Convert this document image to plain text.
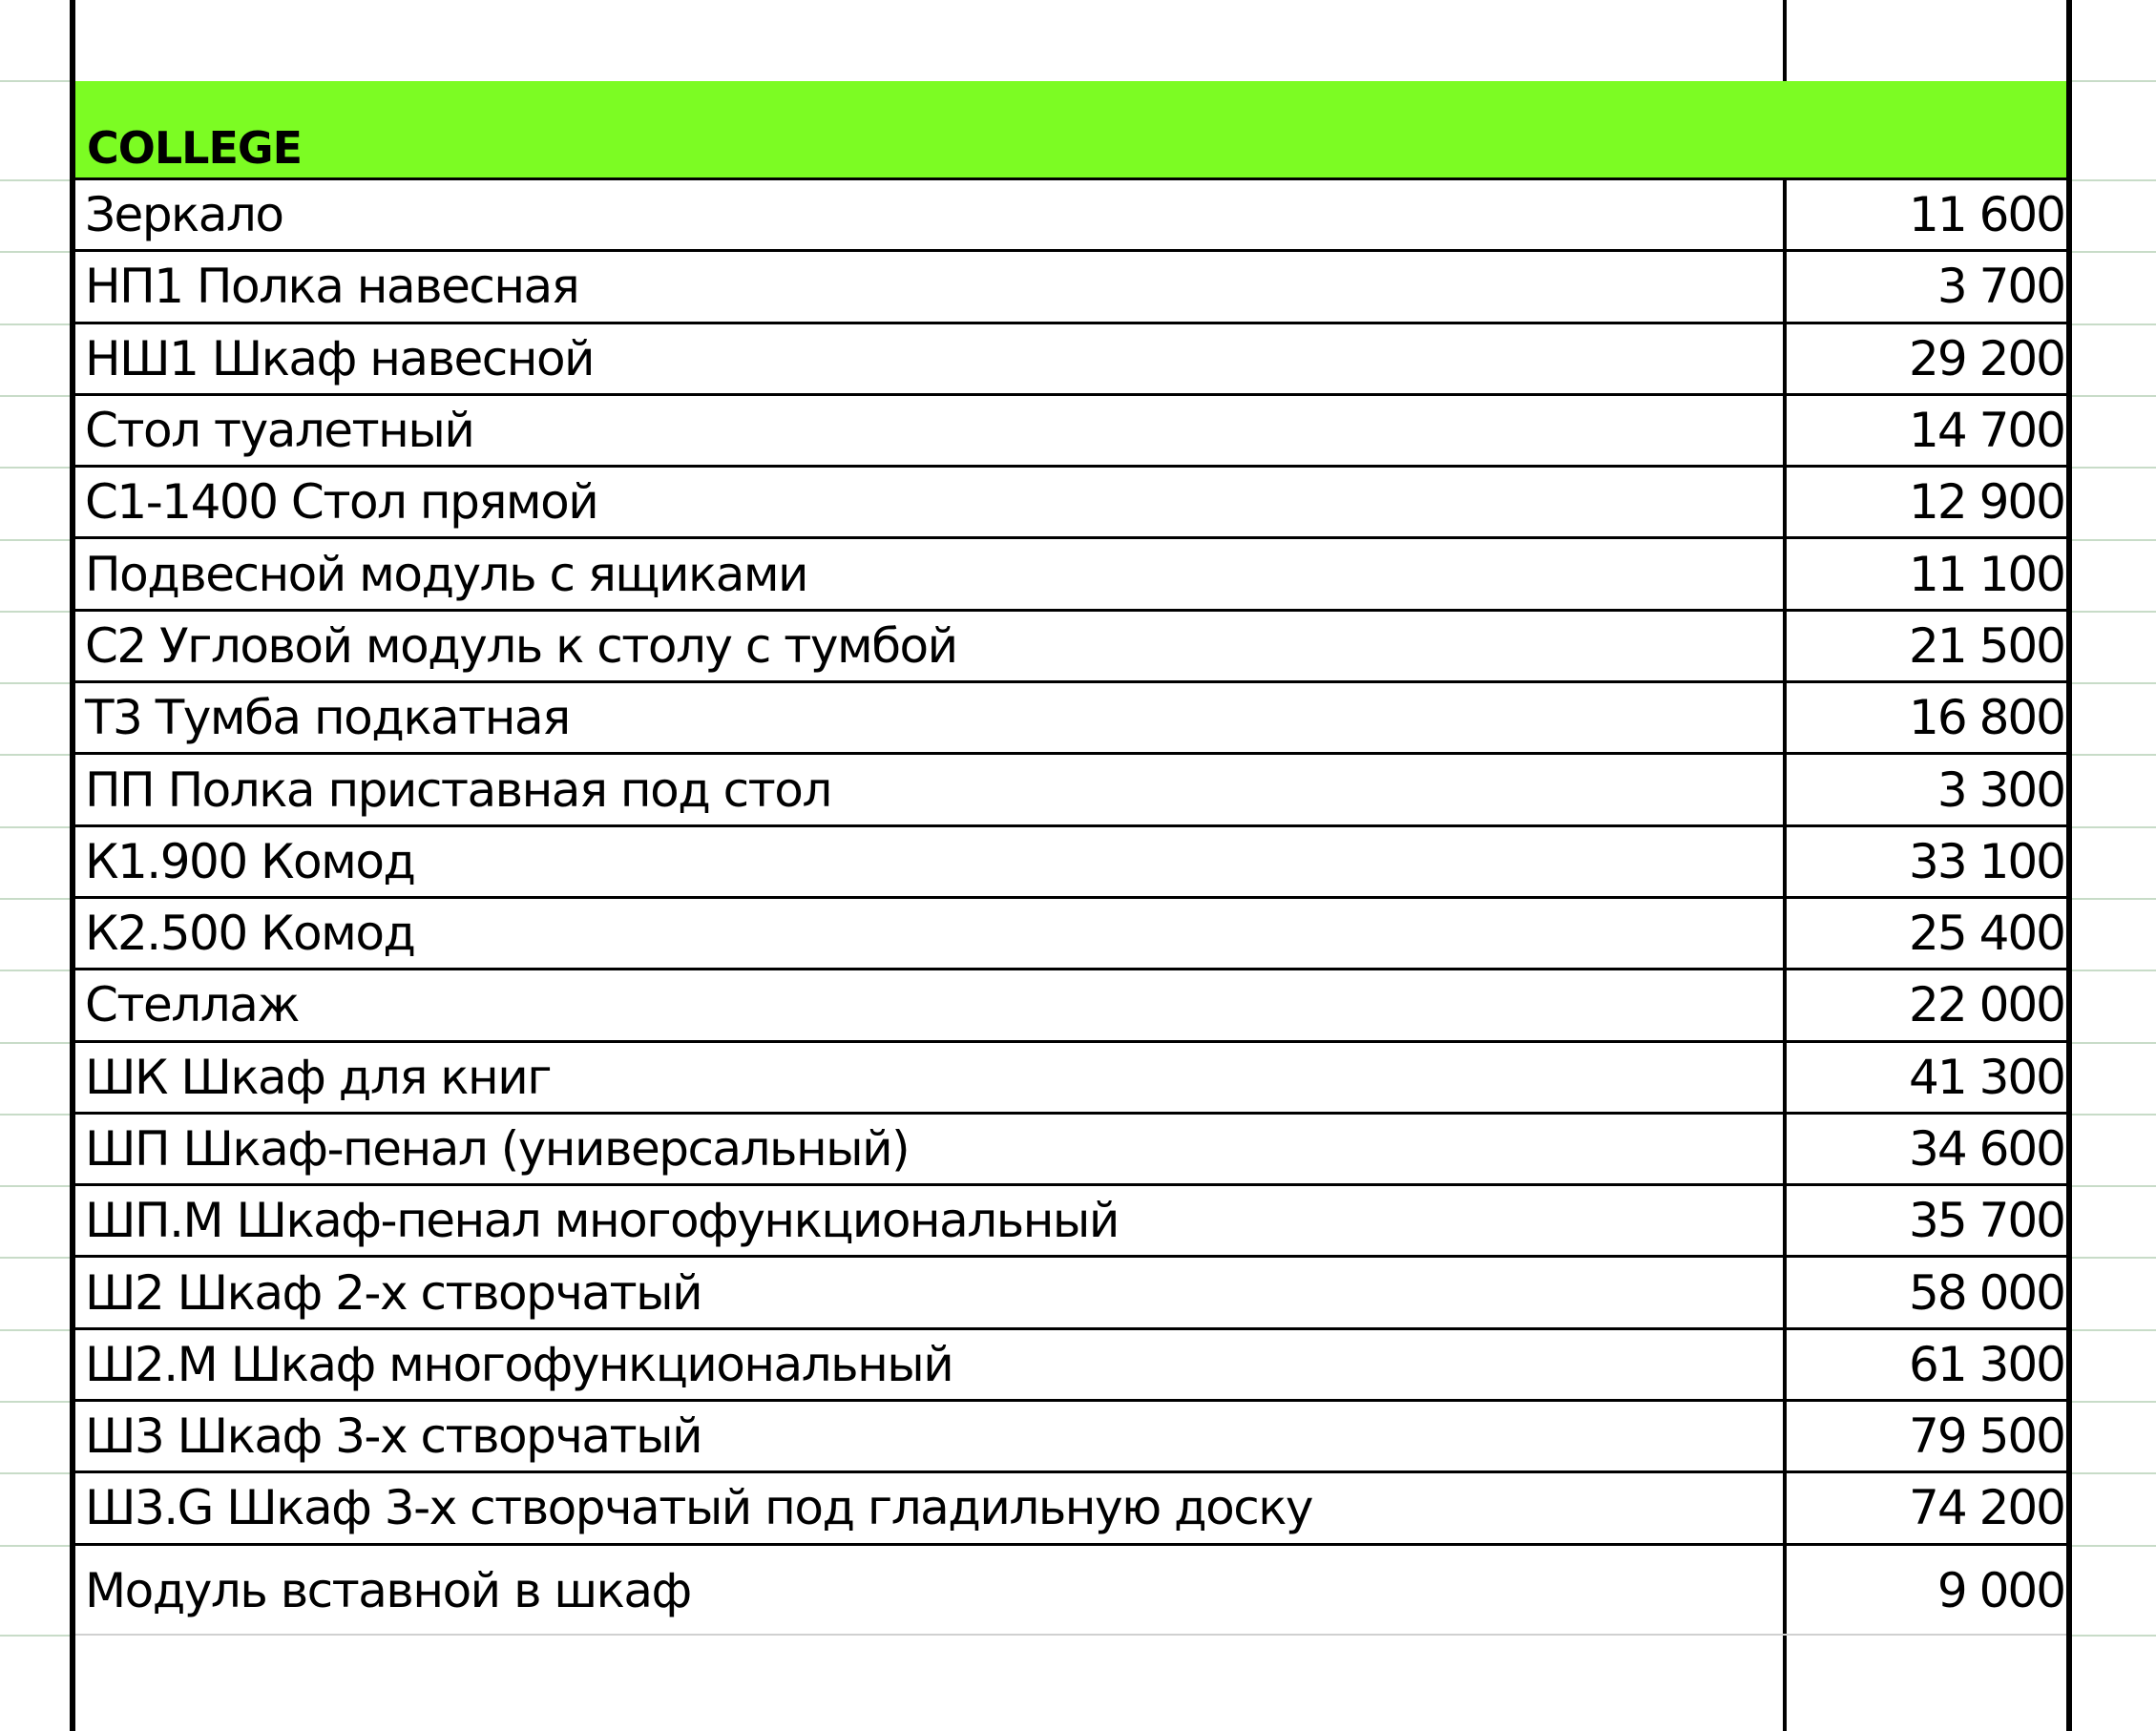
COLLEGE
Зеркало	11 600
НП1 Полка навесная	3 700
НШ1 Шкаф навесной	29 200
Стол туалетный	14 700
С1-1400 Стол прямой	12 900
Подвесной модуль с ящиками	11 100
С2 Угловой модуль к столу с тумбой	21 500
Т3 Тумба подкатная	16 800
ПП Полка приставная под стол	3 300
К1.900 Комод	33 100
К2.500 Комод	25 400
Стеллаж	22 000
ШК Шкаф для книг	41 300
ШП Шкаф-пенал (универсальный)	34 600
ШП.М Шкаф-пенал многофункциональный	35 700
Ш2 Шкаф 2-х створчатый	58 000
Ш2.М Шкаф многофункциональный	61 300
Ш3 Шкаф 3-х створчатый	79 500
Ш3.G Шкаф 3-х створчатый под гладильную доску	74 200
Модуль вставной в шкаф	9 000
